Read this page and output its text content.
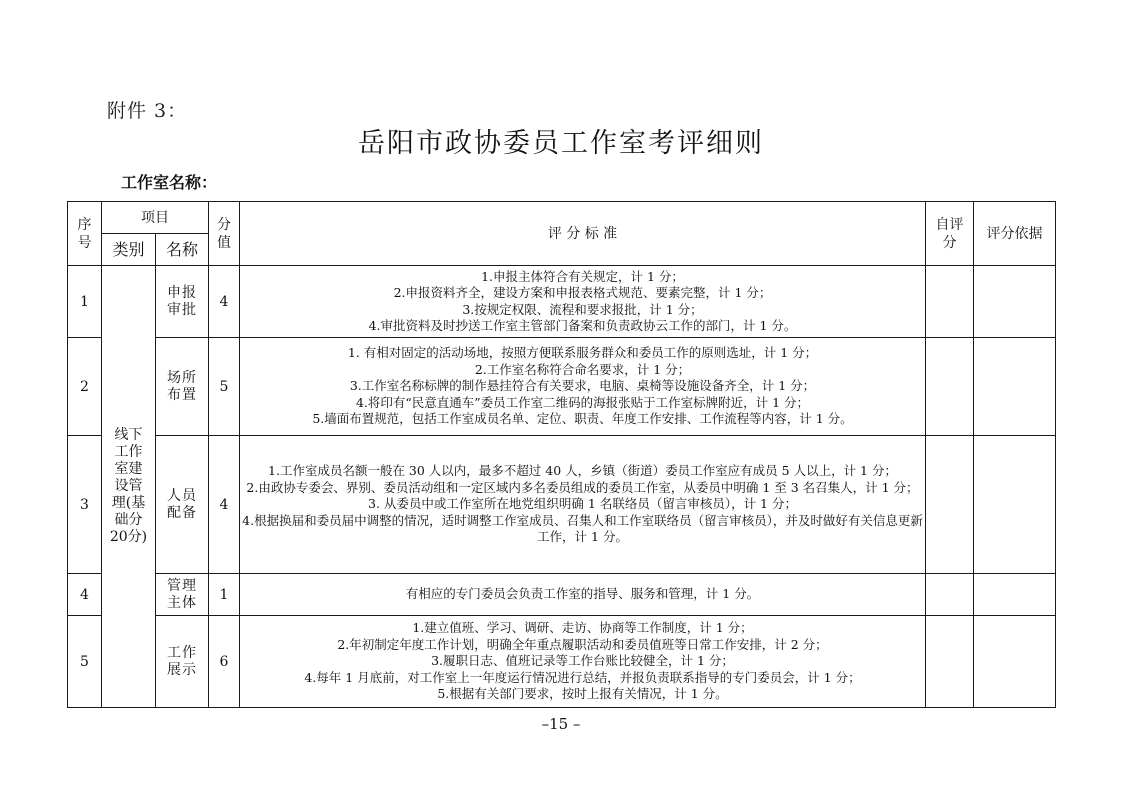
附件 3：
岳阳市政协委员工作室考评细则
工作室名称：
序号	项目		分值	评 分 标 准	自评分	评分依据
	类别	名称				
1	线下工作室建设管理(基础分20分)	申报审批	4	1.申报主体符合有关规定，计 1 分；
2.申报资料齐全，建设方案和申报表格式规范、要素完整，计 1 分；
3.按规定权限、流程和要求报批，计 1 分；
4.审批资料及时抄送工作室主管部门备案和负责政协云工作的部门，计 1 分。		

2		场所布置	5	1. 有相对固定的活动场地，按照方便联系服务群众和委员工作的原则选址，计 1 分；
2.工作室名称符合命名要求，计 1 分；
3.工作室名称标牌的制作悬挂符合有关要求，电脑、桌椅等设施设备齐全，计 1 分；
4.将印有“民意直通车”委员工作室二维码的海报张贴于工作室标牌附近，计 1 分；
5.墙面布置规范，包括工作室成员名单、定位、职责、年度工作安排、工作流程等内容，计 1 分。		

3		人员配备	4	1.工作室成员名额一般在 30 人以内，最多不超过 40 人，乡镇（街道）委员工作室应有成员 5 人以上，计 1 分；
2.由政协专委会、界别、委员活动组和一定区域内多名委员组成的委员工作室，从委员中明确 1 至 3 名召集人，计 1 分；
3. 从委员中或工作室所在地党组织明确 1 名联络员（留言审核员），计 1 分；
4.根据换届和委员届中调整的情况，适时调整工作室成员、召集人和工作室联络员（留言审核员），并及时做好有关信息更新工作，计 1 分。		

4		管理主体	1	有相应的专门委员会负责工作室的指导、服务和管理，计 1 分。		

5		工作展示	6	1.建立值班、学习、调研、走访、协商等工作制度，计 1 分；
2.年初制定年度工作计划，明确全年重点履职活动和委员值班等日常工作安排，计 2 分；
3.履职日志、值班记录等工作台账比较健全，计 1 分；
4.每年 1 月底前，对工作室上一年度运行情况进行总结，并报负责联系指导的专门委员会，计 1 分；
5.根据有关部门要求，按时上报有关情况，计 1 分。		

–15 –
